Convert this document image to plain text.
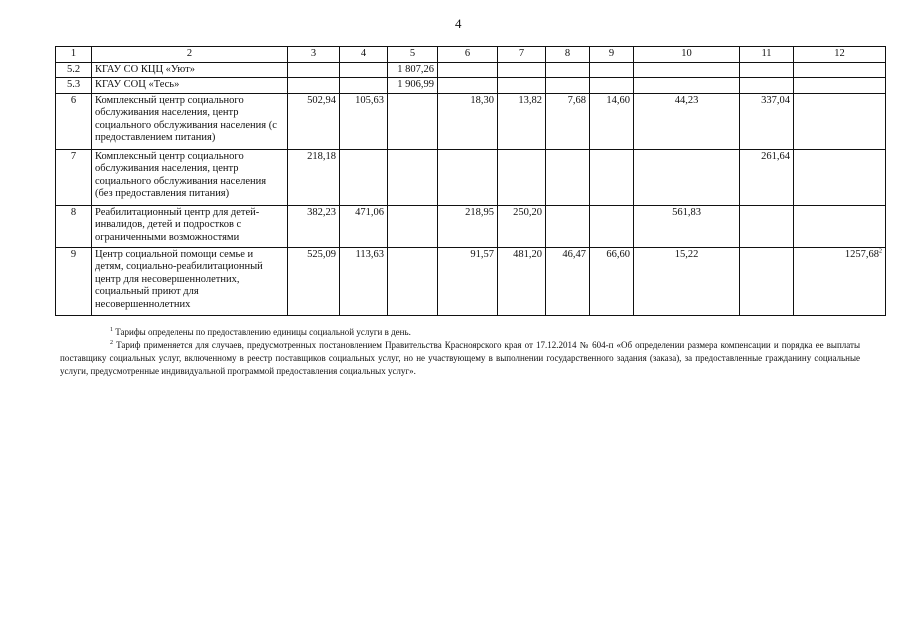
4
1	2	3	4	5	6	7	8	9	10	11	12
5.2	КГАУ СО КЦЦ «Уют»			1 807,26							
5.3	КГАУ СОЦ «Тесь»			1 906,99							
6	Комплексный центр социального обслуживания населения, центр социального обслуживания населения (с предоставлением питания)	502,94	105,63		18,30	13,82	7,68	14,60	44,23	337,04	
7	Комплексный центр социального обслуживания населения, центр социального обслуживания населения (без предоставления питания)	218,18								261,64	
8	Реабилитационный центр для детей-инвалидов, детей и подростков с ограниченными возможностями	382,23	471,06		218,95	250,20			561,83		
9	Центр социальной помощи семье и детям, социально-реабилитационный центр для несовершеннолетних, социальный приют для несовершеннолетних	525,09	113,63		91,57	481,20	46,47	66,60	15,22		1257,68$^2$

$^1$ Тарифы определены по предоставлению единицы социальной услуги в день.

$^2$ Тариф применяется для случаев, предусмотренных постановлением Правительства Красноярского края от 17.12.2014 № 604-п «Об определении размера компенсации и порядка ее выплаты поставщику социальных услуг, включенному в реестр поставщиков социальных услуг, но не участвующему в выполнении государственного задания (заказа), за предоставленные гражданину социальные услуги, предусмотренные индивидуальной программой предоставления социальных услуг».
